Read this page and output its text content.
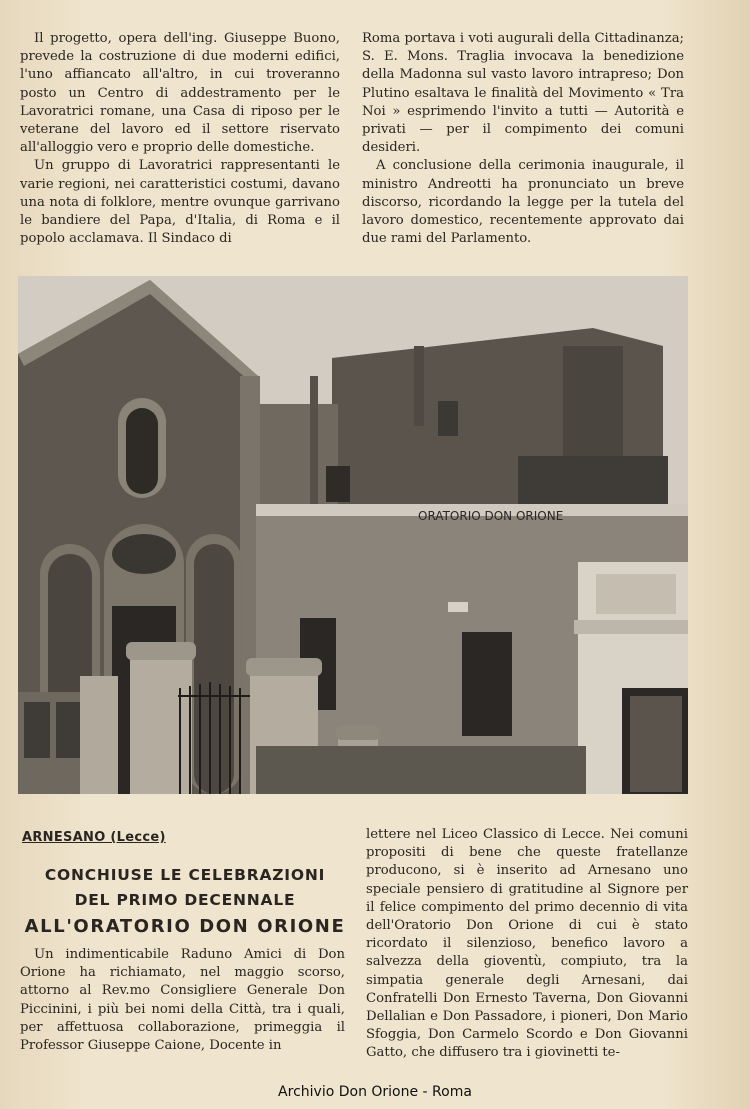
Il progetto, opera dell'ing. Giuseppe Buono, prevede la costruzione di due moderni edifici, l'uno affiancato all'altro, in cui troveranno posto un Centro di addestramento per le Lavoratrici romane, una Casa di riposo per le veterane del lavoro ed il settore riservato all'alloggio vero e proprio delle domestiche.

Un gruppo di Lavoratrici rappresentanti le varie regioni, nei caratteristici costumi, davano una nota di folklore, mentre ovunque garrivano le bandiere del Papa, d'Italia, di Roma e il popolo acclamava. Il Sindaco di

Roma portava i voti augurali della Cittadinanza; S. E. Mons. Traglia invocava la benedizione della Madonna sul vasto lavoro intrapreso; Don Plutino esaltava le finalità del Movimento « Tra Noi » esprimendo l'invito a tutti — Autorità e privati — per il compimento dei comuni desideri.

A conclusione della cerimonia inaugurale, il ministro Andreotti ha pronunciato un breve discorso, ricordando la legge per la tutela del lavoro domestico, recentemente approvato dai due rami del Parlamento.

ORATORIO DON ORIONE
ARNESANO (Lecce)
CONCHIUSE LE CELEBRAZIONI
DEL PRIMO DECENNALE
ALL'ORATORIO DON ORIONE

Un indimenticabile Raduno Amici di Don Orione ha richiamato, nel maggio scorso, attorno al Rev.mo Consigliere Generale Don Piccinini, i più bei nomi della Città, tra i quali, per affettuosa collaborazione, primeggia il Professor Giuseppe Caione, Docente in

lettere nel Liceo Classico di Lecce. Nei comuni propositi di bene che queste fratellanze producono, si è inserito ad Arnesano uno speciale pensiero di gratitudine al Signore per il felice compimento del primo decennio di vita dell'Oratorio Don Orione di cui è stato ricordato il silenzioso, benefico lavoro a salvezza della gioventù, compiuto, tra la simpatia generale degli Arnesani, dai Confratelli Don Ernesto Taverna, Don Giovanni Dellalian e Don Passadore, i pioneri, Don Mario Sfoggia, Don Carmelo Scordo e Don Giovanni Gatto, che diffusero tra i giovinetti te-

Archivio Don Orione - Roma
